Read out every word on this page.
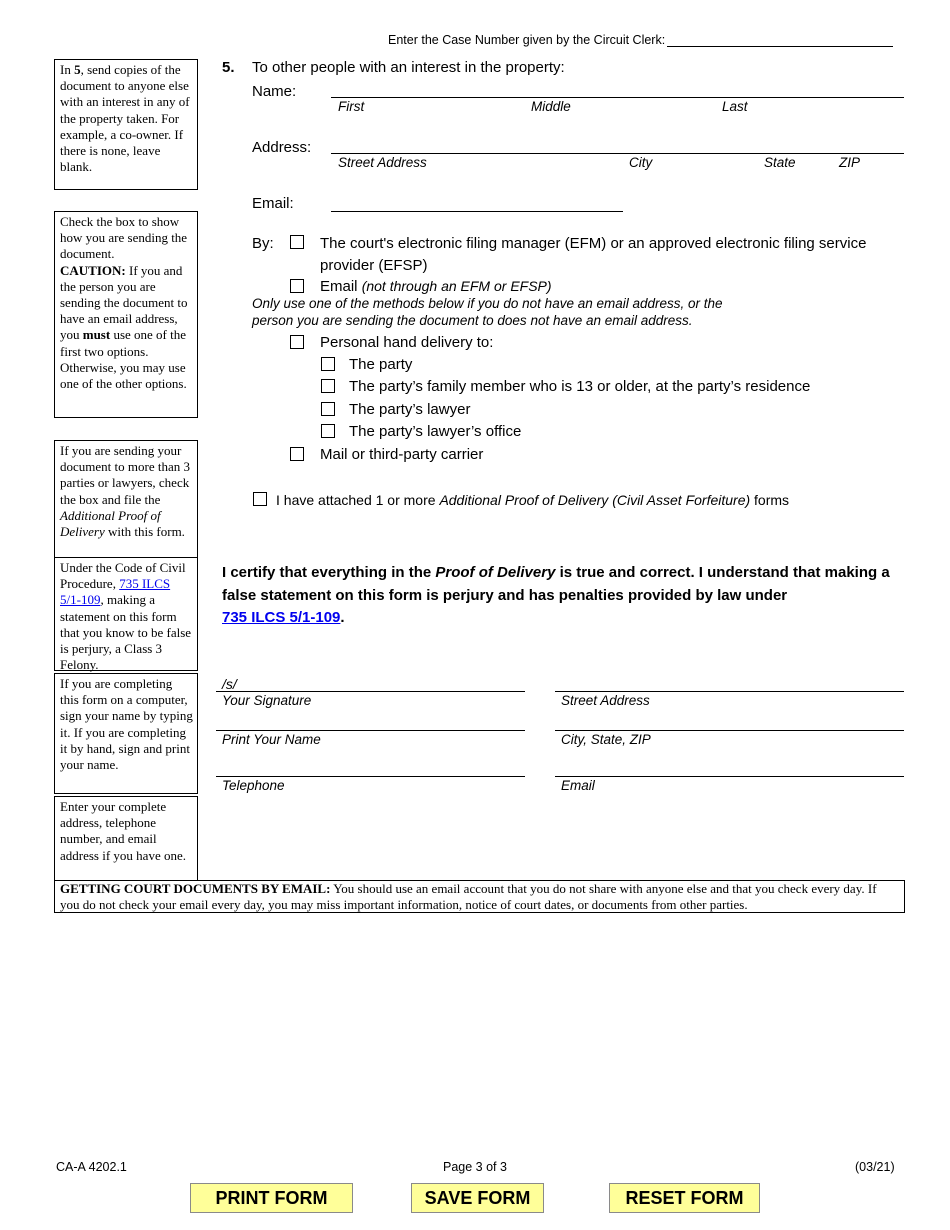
Enter the Case Number given by the Circuit Clerk:
In 5, send copies of the document to anyone else with an interest in any of the property taken. For example, a co-owner. If there is none, leave blank.
Check the box to show how you are sending the document.
CAUTION: If you and the person you are sending the document to have an email address, you must use one of the first two options. Otherwise, you may use one of the other options.
If you are sending your document to more than 3 parties or lawyers, check the box and file the Additional Proof of Delivery with this form.
Under the Code of Civil Procedure, 735 ILCS 5/1-109, making a statement on this form that you know to be false is perjury, a Class 3 Felony.
If you are completing this form on a computer, sign your name by typing it. If you are completing it by hand, sign and print your name.
Enter your complete address, telephone number, and email address if you have one.
5. To other people with an interest in the property:
Name:
First	Middle	Last
Address:
Street Address	City	State	ZIP
Email:
By:	The court's electronic filing manager (EFM) or an approved electronic filing service provider (EFSP)
Email (not through an EFM or EFSP)
Only use one of the methods below if you do not have an email address, or the person you are sending the document to does not have an email address.
Personal hand delivery to:
The party
The party’s family member who is 13 or older, at the party’s residence
The party’s lawyer
The party’s lawyer’s office
Mail or third-party carrier
I have attached 1 or more Additional Proof of Delivery (Civil Asset Forfeiture) forms
I certify that everything in the Proof of Delivery is true and correct. I understand that making a false statement on this form is perjury and has penalties provided by law under
735 ILCS 5/1-109.
/s/
Your Signature	Street Address
Print Your Name	City, State, ZIP
Telephone	Email
GETTING COURT DOCUMENTS BY EMAIL: You should use an email account that you do not share with anyone else and that you check every day. If you do not check your email every day, you may miss important information, notice of court dates, or documents from other parties.
CA-A 4202.1	Page 3 of 3	(03/21)
PRINT FORM	SAVE FORM	RESET FORM
